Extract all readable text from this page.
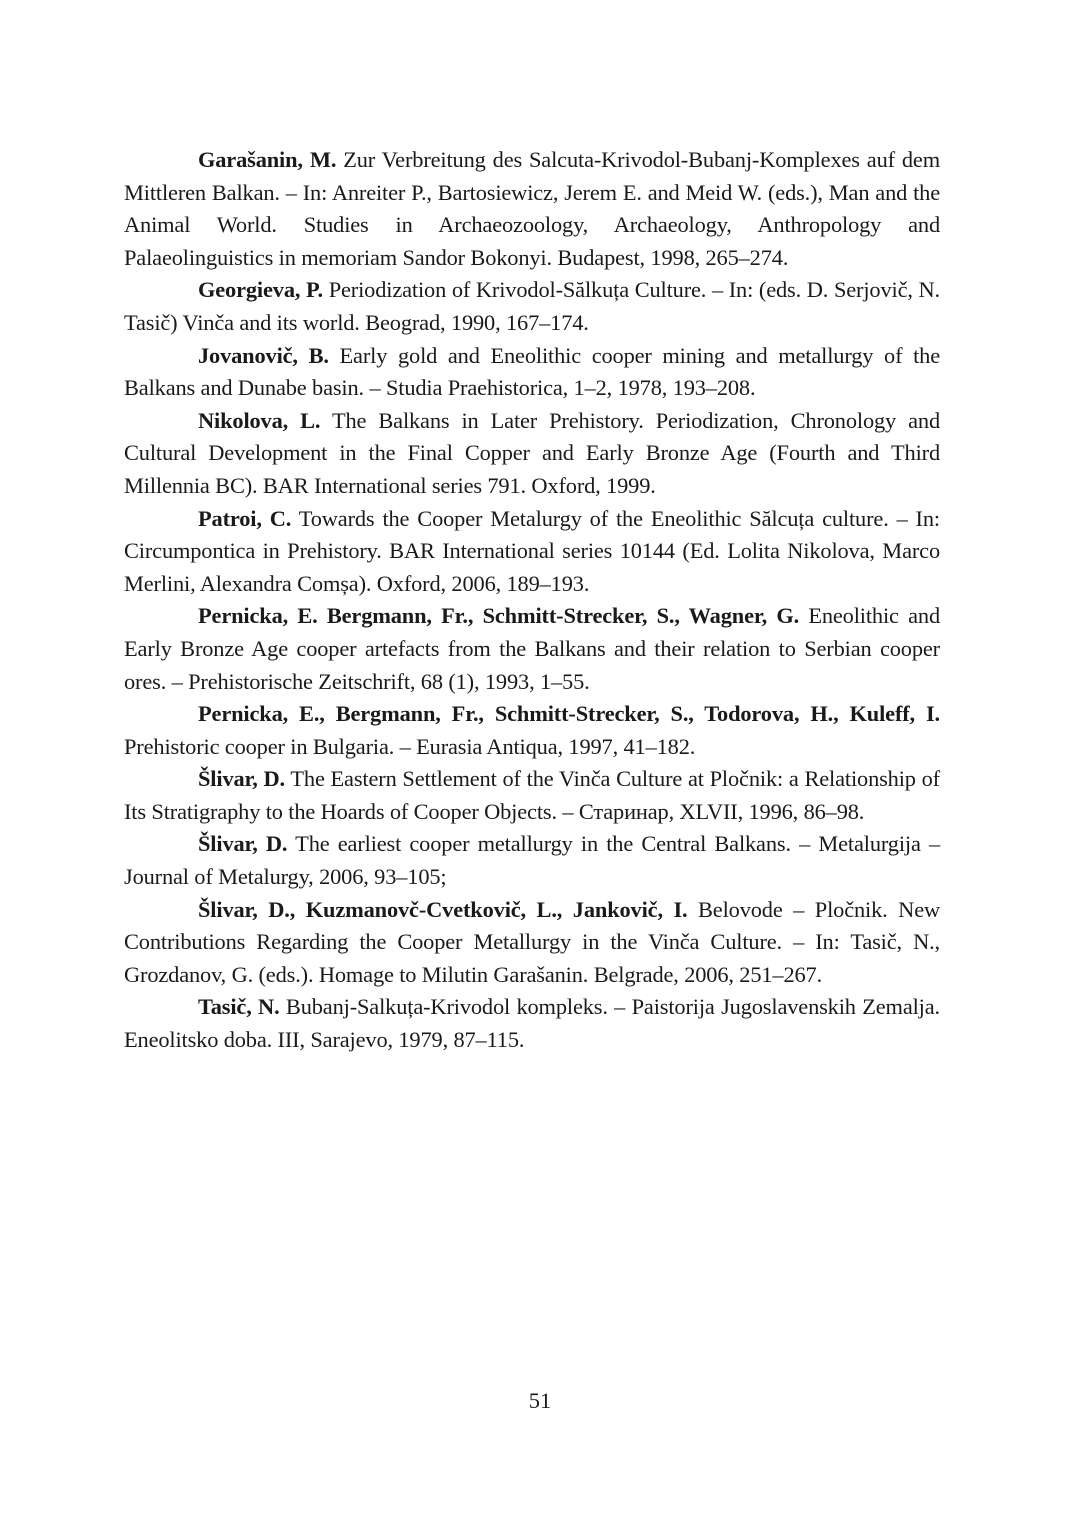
Garašanin, M. Zur Verbreitung des Salcuta-Krivodol-Bubanj-Komplexes auf dem Mittleren Balkan. – In: Anreiter P., Bartosiewicz, Jerem E. and Meid W. (eds.), Man and the Animal World. Studies in Archaeozoology, Archaeology, Anthropology and Palaeolinguistics in memoriam Sandor Bokonyi. Budapest, 1998, 265–274.

Georgieva, P. Periodization of Krivodol-Sălkuța Culture. – In: (eds. D. Serjovič, N. Tasič) Vinča and its world. Beograd, 1990, 167–174.

Jovanovič, B. Early gold and Eneolithic cooper mining and metallurgy of the Balkans and Dunabe basin. – Studia Praehistorica, 1–2, 1978, 193–208.

Nikolova, L. The Balkans in Later Prehistory. Periodization, Chronology and Cultural Development in the Final Copper and Early Bronze Age (Fourth and Third Millennia BC). BAR International series 791. Oxford, 1999.

Patroi, C. Towards the Cooper Metalurgy of the Eneolithic Sălcuța culture. – In: Circumpontica in Prehistory. BAR International series 10144 (Ed. Lolita Nikolova, Marco Merlini, Alexandra Comșa). Oxford, 2006, 189–193.

Pernicka, E. Bergmann, Fr., Schmitt-Strecker, S., Wagner, G. Eneolithic and Early Bronze Age cooper artefacts from the Balkans and their relation to Serbian cooper ores. – Prehistorische Zeitschrift, 68 (1), 1993, 1–55.

Pernicka, E., Bergmann, Fr., Schmitt-Strecker, S., Todorova, H., Kuleff, I. Prehistoric cooper in Bulgaria. – Eurasia Antiqua, 1997, 41–182.

Šlivar, D. The Eastern Settlement of the Vinča Culture at Pločnik: a Relationship of Its Stratigraphy to the Hoards of Cooper Objects. – Старинар, XLVII, 1996, 86–98.

Šlivar, D. The earliest cooper metallurgy in the Central Balkans. – Metalurgija – Journal of Metalurgy, 2006, 93–105;

Šlivar, D., Kuzmanovč-Cvetkovič, L., Jankovič, I. Belovode – Pločnik. New Contributions Regarding the Cooper Metallurgy in the Vinča Culture. – In: Tasič, N., Grozdanov, G. (eds.). Homage to Milutin Garašanin. Belgrade, 2006, 251–267.

Tasič, N. Bubanj-Salkuța-Krivodol kompleks. – Paistorija Jugoslavenskih Zemalja. Eneolitsko doba. III, Sarajevo, 1979, 87–115.

51
